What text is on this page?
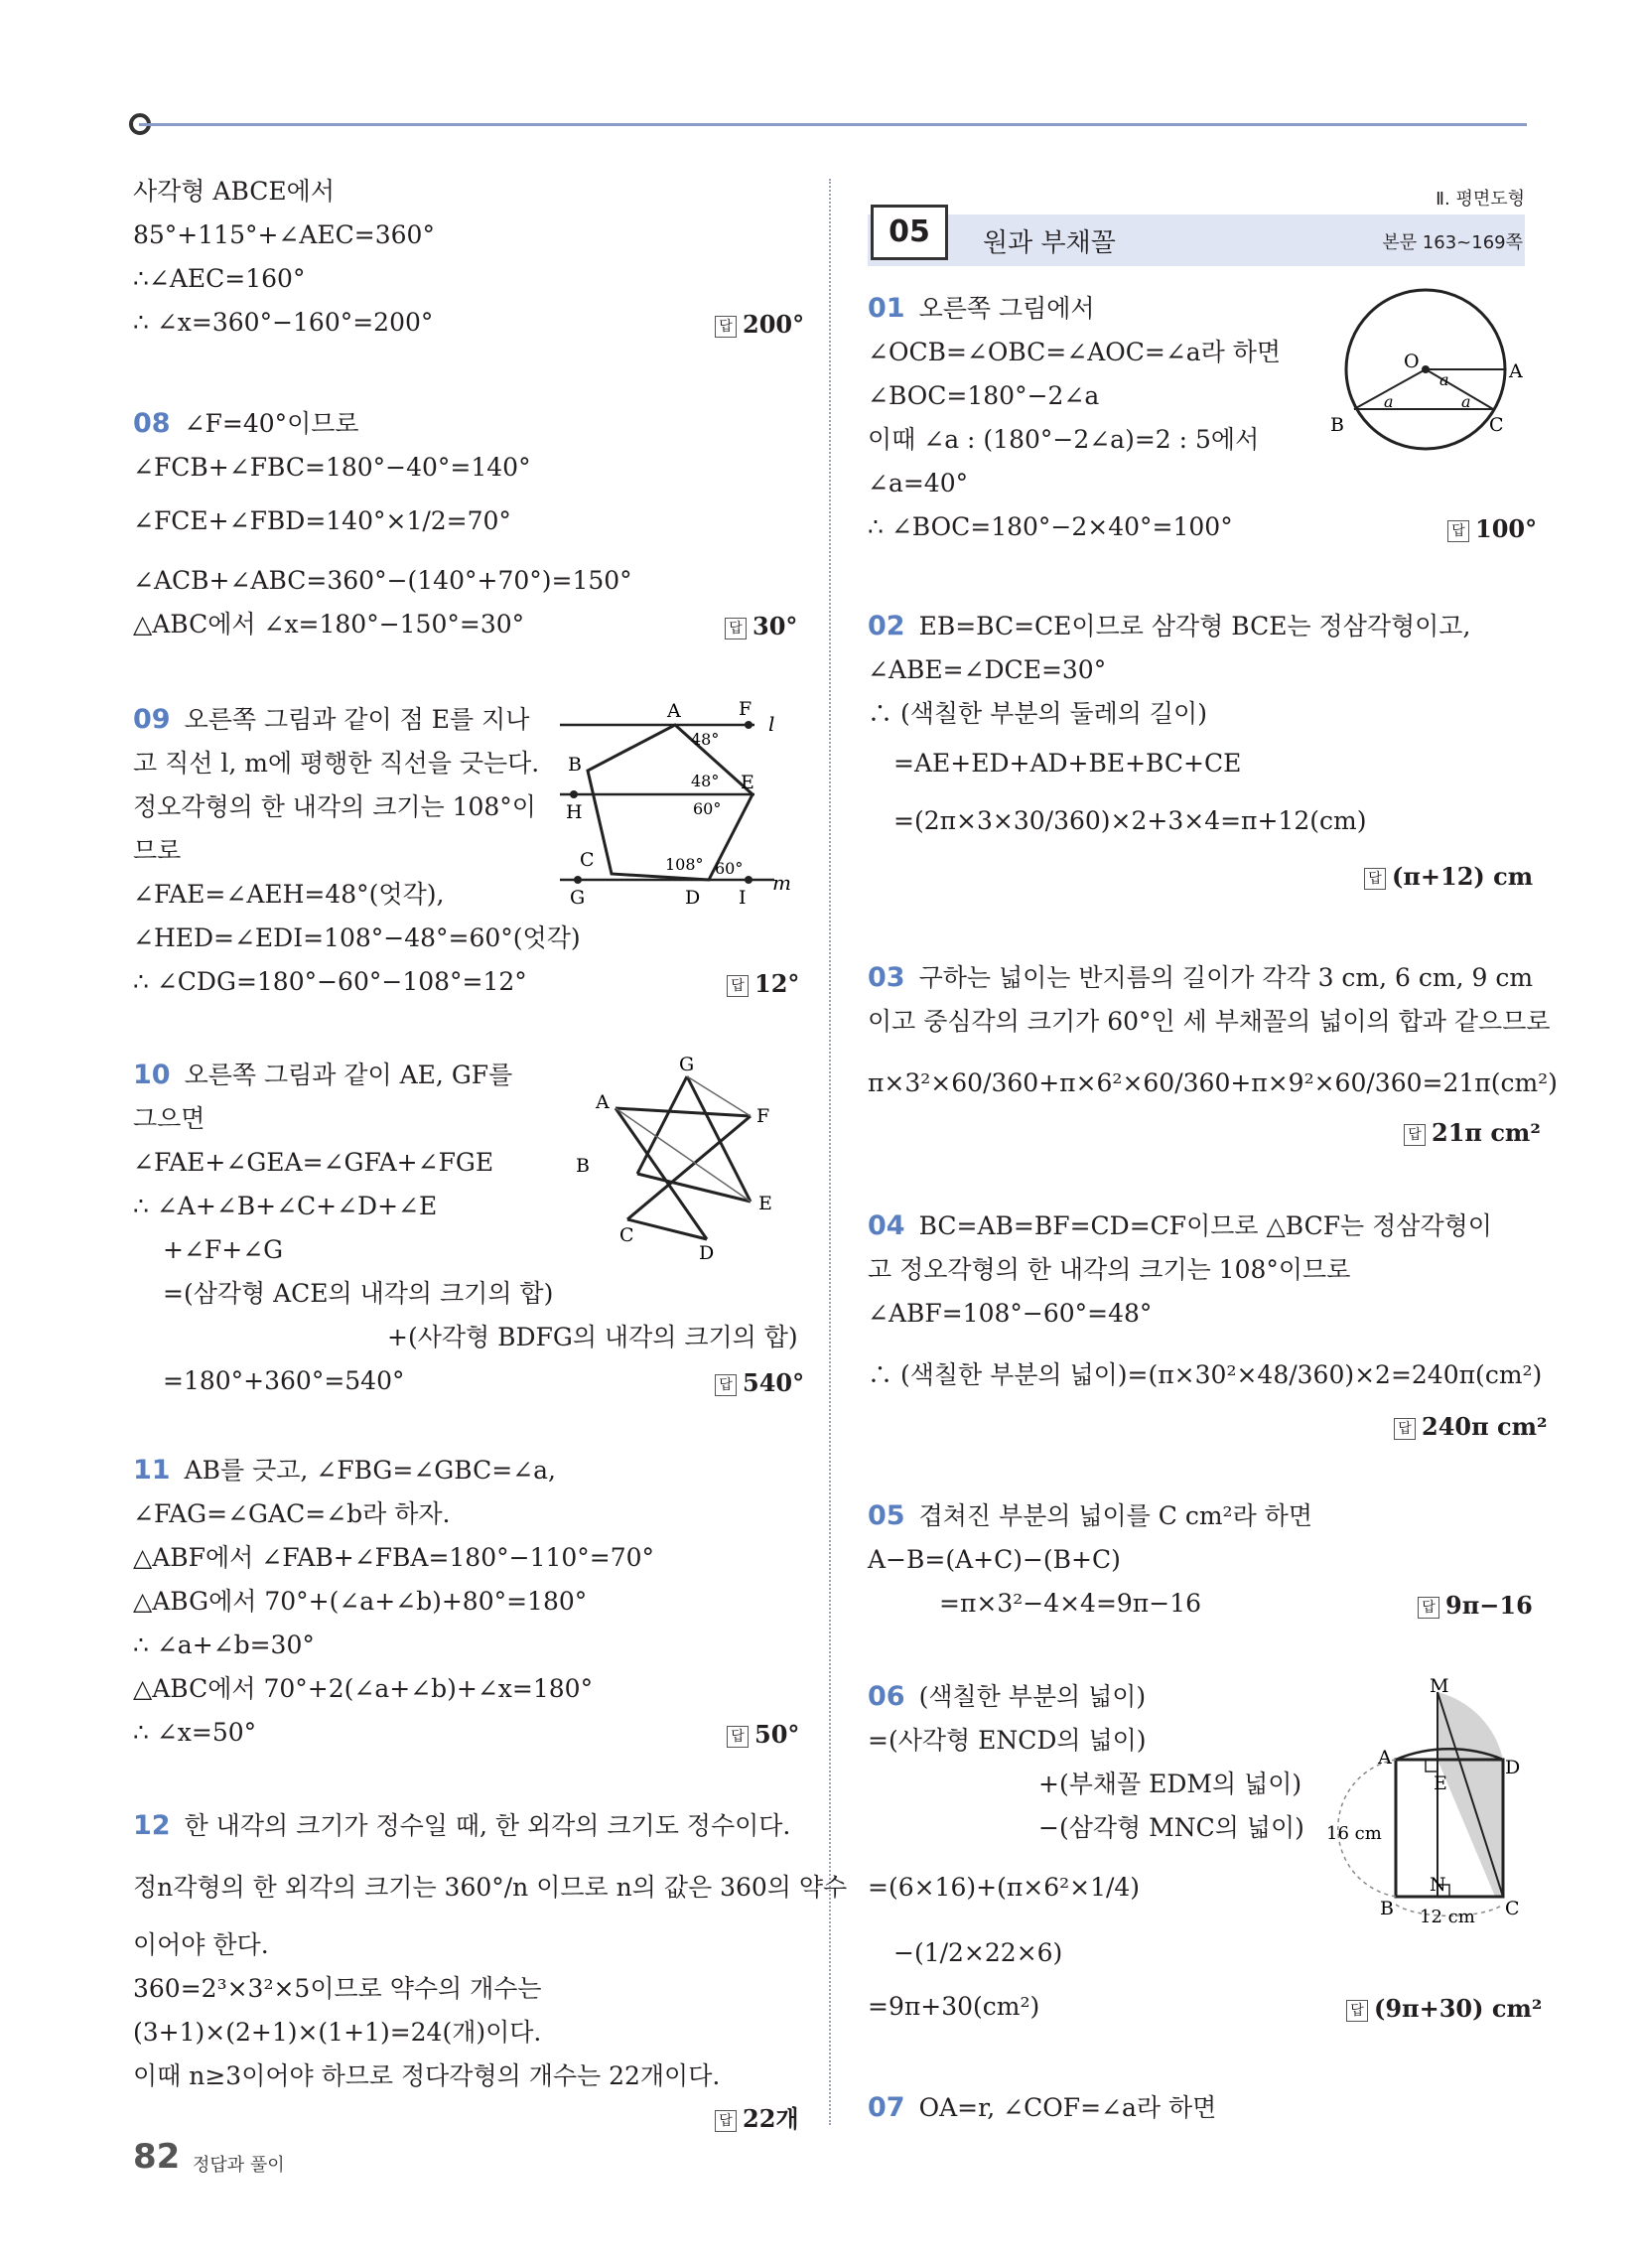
Ⅱ. 평면도형
05	원과 부채꼴	본문 163~169쪽
사각형 ABCE에서
85°+115°+∠AEC=360°
∴∠AEC=160°
∴ ∠x=360°−160°=200°	답 200°
08 ∠F=40°이므로
∠FCB+∠FBC=180°−40°=140°
∠FCE+∠FBD=140°×1/2=70°
∠ACB+∠ABC=360°−(140°+70°)=150°
△ABC에서 ∠x=180°−150°=30°	답 30°
09 오른쪽 그림과 같이 점 E를 지나
고 직선 l, m에 평행한 직선을 긋는다.
정오각형의 한 내각의 크기는 108°이
므로
∠FAE=∠AEH=48°(엇각),
∠HED=∠EDI=108°−48°=60°(엇각)
∴ ∠CDG=180°−60°−108°=12°	답 12°
A	F
l
B
E
H
C
D
G	I
m
48°
48°
60°
108° 60°
10 오른쪽 그림과 같이 AE, GF를
그으면
∠FAE+∠GEA=∠GFA+∠FGE
∴ ∠A+∠B+∠C+∠D+∠E
+∠F+∠G
=(삼각형 ACE의 내각의 크기의 합)
+(사각형 BDFG의 내각의 크기의 합)
=180°+360°=540°	답 540°
G
A
F
B
E
C
D
11 AB를 긋고, ∠FBG=∠GBC=∠a,
∠FAG=∠GAC=∠b라 하자.
△ABF에서 ∠FAB+∠FBA=180°−110°=70°
△ABG에서 70°+(∠a+∠b)+80°=180°
∴ ∠a+∠b=30°
△ABC에서 70°+2(∠a+∠b)+∠x=180°
∴ ∠x=50°	답 50°
12 한 내각의 크기가 정수일 때, 한 외각의 크기도 정수이다.
정n각형의 한 외각의 크기는 360°/n 이므로 n의 값은 360의 약수
이어야 한다.
360=2³×3²×5이므로 약수의 개수는
(3+1)×(2+1)×(1+1)=24(개)이다.
이때 n≥3이어야 하므로 정다각형의 개수는 22개이다.
답 22개
01 오른쪽 그림에서
∠OCB=∠OBC=∠AOC=∠a라 하면
∠BOC=180°−2∠a
이때 ∠a : (180°−2∠a)=2 : 5에서
∠a=40°
∴ ∠BOC=180°−2×40°=100°	답 100°
O	A
B	C
a
a	a
02 EB=BC=CE이므로 삼각형 BCE는 정삼각형이고,
∠ABE=∠DCE=30°
∴ (색칠한 부분의 둘레의 길이)
=AE+ED+AD+BE+BC+CE
=(2π×3×30/360)×2+3×4=π+12(cm)
답 (π+12) cm
03 구하는 넓이는 반지름의 길이가 각각 3 cm, 6 cm, 9 cm
이고 중심각의 크기가 60°인 세 부채꼴의 넓이의 합과 같으므로
π×3²×60/360+π×6²×60/360+π×9²×60/360=21π(cm²)
답 21π cm²
04 BC=AB=BF=CD=CF이므로 △BCF는 정삼각형이
고 정오각형의 한 내각의 크기는 108°이므로
∠ABF=108°−60°=48°
∴ (색칠한 부분의 넓이)=(π×30²×48/360)×2=240π(cm²)
답 240π cm²
05 겹쳐진 부분의 넓이를 C cm²라 하면
A−B=(A+C)−(B+C)
=π×3²−4×4=9π−16	답 9π−16
06 (색칠한 부분의 넓이)
=(사각형 ENCD의 넓이)
+(부채꼴 EDM의 넓이)
−(삼각형 MNC의 넓이)
=(6×16)+(π×6²×1/4)
−(1/2×22×6)
=9π+30(cm²)	답 (9π+30) cm²
M
A	D
E
N
B	C
16 cm
12 cm
07 OA=r, ∠COF=∠a라 하면
82 정답과 풀이
